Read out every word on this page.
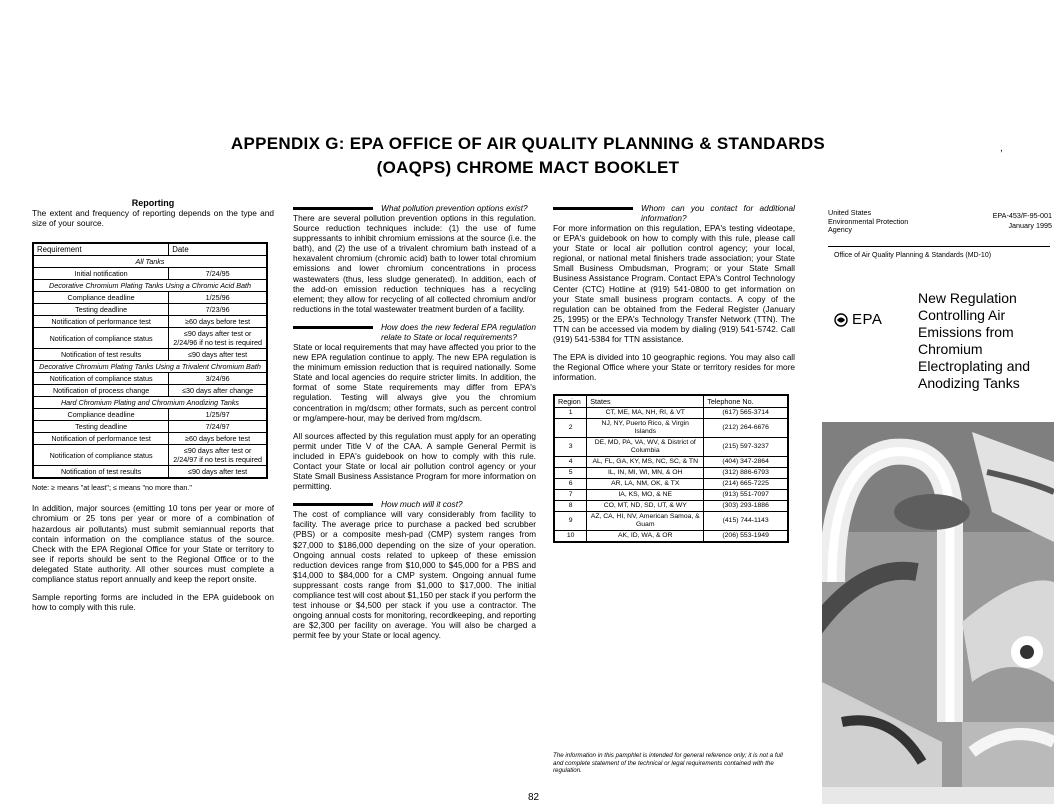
APPENDIX G: EPA OFFICE OF AIR QUALITY PLANNING & STANDARDS
(OAQPS) CHROME MACT BOOKLET
,
Reporting

The extent and frequency of reporting depends on the type and size of your source.

Requirement	Date
All Tanks	
Initial notification	7/24/95
Decorative Chromium Plating Tanks Using a Chromic Acid Bath	
Compliance deadline	1/25/96
Testing deadline	7/23/96
Notification of performance test	≥60 days before test
Notification of compliance status	≤90 days after test or 2/24/96 if no test is required
Notification of test results	≤90 days after test
Decorative Chromium Plating Tanks Using a Trivalent Chromium Bath	
Notification of compliance status	3/24/96
Notification of process change	≤30 days after change
Hard Chromium Plating and Chromium Anodizing Tanks	
Compliance deadline	1/25/97
Testing deadline	7/24/97
Notification of performance test	≥60 days before test
Notification of compliance status	≤90 days after test or 2/24/97 if no test is required
Notification of test results	≤90 days after test
Note: ≥ means "at least"; ≤ means "no more than."

In addition, major sources (emitting 10 tons per year or more of chromium or 25 tons per year or more of a combination of hazardous air pollutants) must submit semiannual reports that contain information on the compliance status of the source. Check with the EPA Regional Office for your State or territory to see if reports should be sent to the Regional Office or to the delegated State authority. All other sources must complete a compliance status report annually and keep the report onsite.

Sample reporting forms are included in the EPA guidebook on how to comply with this rule.

What pollution prevention options exist?

There are several pollution prevention options in this regulation. Source reduction techniques include: (1) the use of fume suppressants to inhibit chromium emissions at the source (i.e. the bath), and (2) the use of a trivalent chromium bath instead of a hexavalent chromium (chromic acid) bath to lower total chromium emissions and lower chromium concentrations in process wastewaters (thus, less sludge generated). In addition, each of the add-on emission reduction techniques has a recycling element; they allow for recycling of all collected chromium and/or reductions in the total wastewater treatment burden of a facility.

How does the new federal EPA regulation relate to State or local requirements?

State or local requirements that may have affected you prior to the new EPA regulation continue to apply. The new EPA regulation is the minimum emission reduction that is required nationally. Some State and local agencies do require stricter limits. In addition, the format of some State requirements may differ from EPA's regulation. Testing will always give you the chromium concentration in mg/dscm; other formats, such as percent control or mg/ampere-hour, may be derived from mg/dscm.

All sources affected by this regulation must apply for an operating permit under Title V of the CAA. A sample General Permit is included in EPA's guidebook on how to comply with this rule. Contact your State or local air pollution control agency or your State Small Business Assistance Program for more information on permitting.

How much will it cost?

The cost of compliance will vary considerably from facility to facility. The average price to purchase a packed bed scrubber (PBS) or a composite mesh-pad (CMP) system ranges from $27,000 to $186,000 depending on the size of your operation. Ongoing annual costs related to upkeep of these emission reduction devices range from $10,000 to $45,000 for a PBS and $14,000 to $84,000 for a CMP system. Ongoing annual fume suppressant costs range from $1,000 to $17,000. The initial compliance test will cost about $1,150 per stack if you perform the test inhouse or $4,500 per stack if you use a contractor. The ongoing annual costs for monitoring, recordkeeping, and reporting are $2,300 per facility on average. You will also be charged a permit fee by your State or local agency.

Whom can you contact for additional information?

For more information on this regulation, EPA's testing videotape, or EPA's guidebook on how to comply with this rule, please call your State or local air pollution control agency; your local, regional, or national metal finishers trade association; your State Small Business Ombudsman, Program; or your State Small Business Assistance Program. Contact EPA's Control Technology Center (CTC) Hotline at (919) 541-0800 to get information on your State small business program contacts. A copy of the regulation can be obtained from the Federal Register (January 25, 1995) or the EPA's Technology Transfer Network (TTN). The TTN can be accessed via modem by dialing (919) 541-5742. Call (919) 541-5384 for TTN assistance.

The EPA is divided into 10 geographic regions. You may also call the Regional Office where your State or territory resides for more information.

Region	States	Telephone No.
1	CT, ME, MA, NH, RI, & VT	(617) 565-3714
2	NJ, NY, Puerto Rico, & Virgin Islands	(212) 264-6676
3	DE, MD, PA, VA, WV, & District of Columbia	(215) 597-3237
4	AL, FL, GA, KY, MS, NC, SC, & TN	(404) 347-2864
5	IL, IN, MI, WI, MN, & OH	(312) 886-6793
6	AR, LA, NM, OK, & TX	(214) 665-7225
7	IA, KS, MO, & NE	(913) 551-7097
8	CO, MT, ND, SD, UT, & WY	(303) 293-1886
9	AZ, CA, HI, NV, American Samoa, & Guam	(415) 744-1143
10	AK, ID, WA, & OR	(206) 553-1949
The information in this pamphlet is intended for general reference only; it is not a full and complete statement of the technical or legal requirements contained with the regulation.
United States
Environmental Protection
Agency
EPA-453/F-95-001
January 1995
Office of Air Quality Planning & Standards (MD-10)
EPA
New Regulation
Controlling Air
Emissions from
Chromium
Electroplating and
Anodizing Tanks
82
